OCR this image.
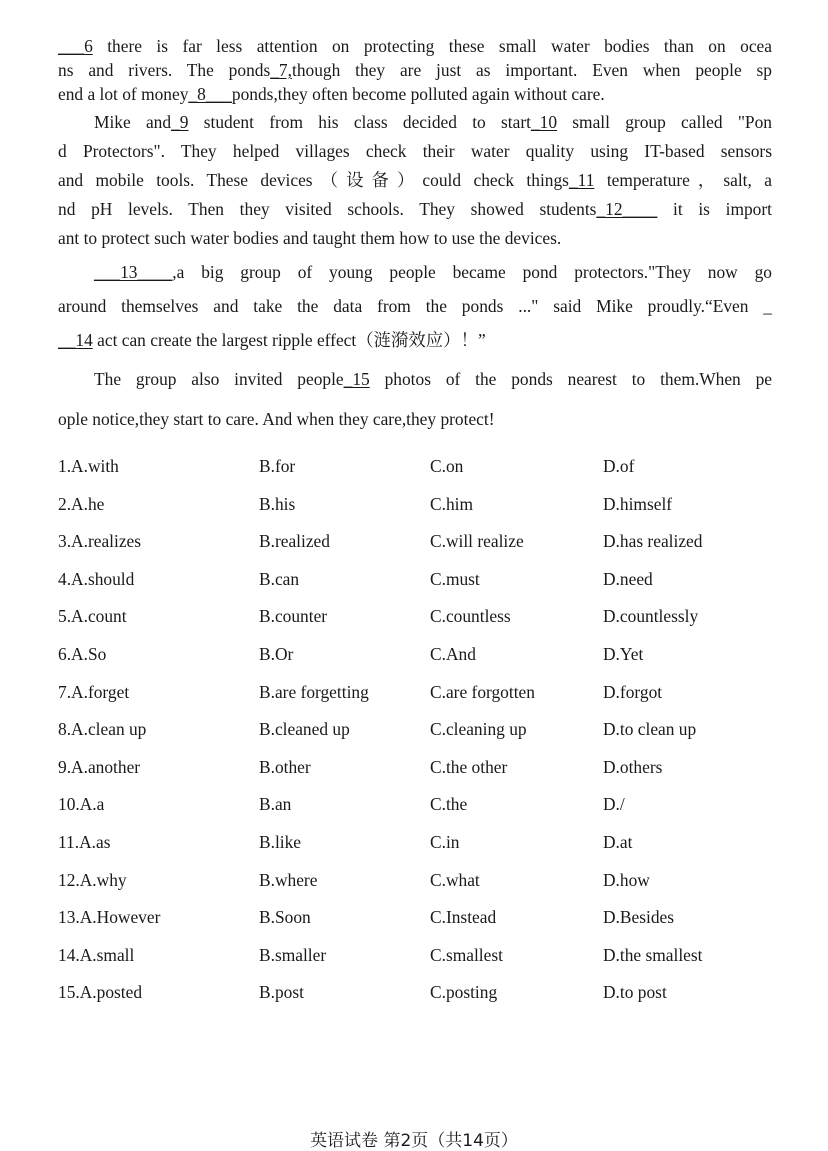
___6 there is far less attention on protecting these small water bodies than on ocea
ns and rivers. The ponds_7,though they are just as important. Even when people sp
end a lot of money_8___ponds,they often become polluted again without care.
Mike and_9 student from his class decided to start_10 small group called "Pon
d Protectors". They helped villages check their water quality using IT-based sensors
and mobile tools. These devices（设备）could check things_11 temperature，salt, a
nd pH levels. Then they visited schools. They showed students_12____ it is import
ant to protect such water bodies and taught them how to use the devices.
___13____,a big group of young people became pond protectors."They now go
around themselves and take the data from the ponds ..." said Mike proudly.“Even _
__14 act can create the largest ripple effect（涟漪效应）！”
The group also invited people_15 photos of the ponds nearest to them.When pe
ople notice,they start to care. And when they care,they protect!
1.A.with	B.for	C.on	D.of
2.A.he	B.his	C.him	D.himself
3.A.realizes	B.realized	C.will realize	D.has realized
4.A.should	B.can	C.must	D.need
5.A.count	B.counter	C.countless	D.countlessly
6.A.So	B.Or	C.And	D.Yet
7.A.forget	B.are forgetting	C.are forgotten	D.forgot
8.A.clean up	B.cleaned up	C.cleaning up	D.to clean up
9.A.another	B.other	C.the other	D.others
10.A.a	B.an	C.the	D./
11.A.as	B.like	C.in	D.at
12.A.why	B.where	C.what	D.how
13.A.However	B.Soon	C.Instead	D.Besides
14.A.small	B.smaller	C.smallest	D.the smallest
15.A.posted	B.post	C.posting	D.to post
英语试卷 第2页（共14页）
